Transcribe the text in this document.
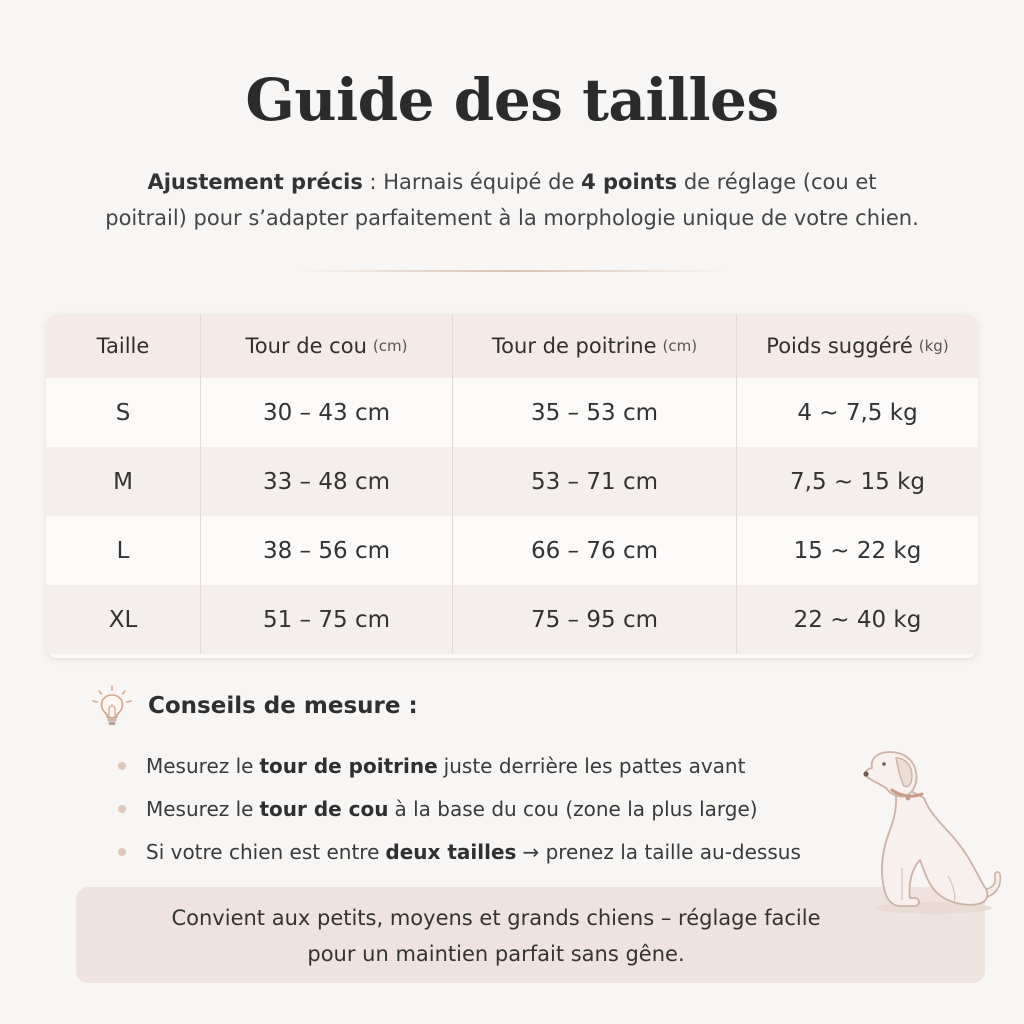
Guide des tailles
Ajustement précis : Harnais équipé de 4 points de réglage (cou et
poitrail) pour s’adapter parfaitement à la morphologie unique de votre chien.
Taille	Tour de cou (cm)	Tour de poitrine (cm)	Poids suggéré (kg)
S	30 – 43 cm	35 – 53 cm	4 ~ 7,5 kg
M	33 – 48 cm	53 – 71 cm	7,5 ~ 15 kg
L	38 – 56 cm	66 – 76 cm	15 ~ 22 kg
XL	51 – 75 cm	75 – 95 cm	22 ~ 40 kg
Conseils de mesure :
Mesurez le tour de poitrine juste derrière les pattes avant
Mesurez le tour de cou à la base du cou (zone la plus large)
Si votre chien est entre deux tailles → prenez la taille au-dessus
Convient aux petits, moyens et grands chiens – réglage facile
pour un maintien parfait sans gêne.
